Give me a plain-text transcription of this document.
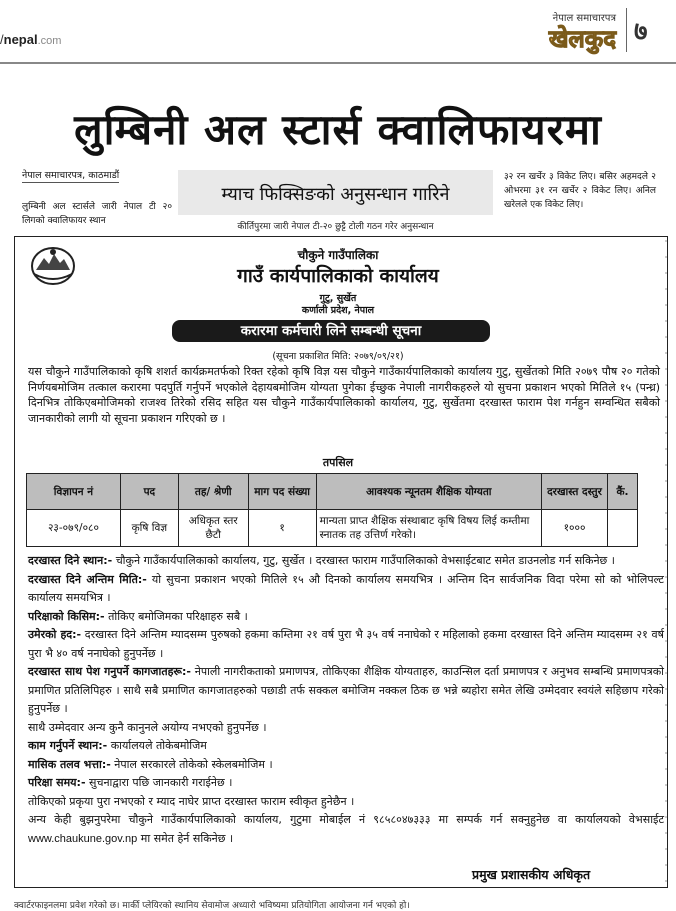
/nepal.com
नेपाल समाचारपत्र
खेलकुद ७
लुम्बिनी अल स्टार्स क्वालिफायरमा
नेपाल समाचारपत्र, काठमाडौं
लुम्बिनी अल स्टार्सले जारी नेपाल टी २० लिगको क्वालिफायर स्थान
म्याच फिक्सिङको अनुसन्धान गारिने
कीर्तिपुरमा जारी नेपाल टी-२० छुट्टै टोली गठन गरेर अनुसन्धान
३२ रन खर्चेर ३ विकेट लिए। बसिर अहमदले २ ओभरमा ३१ रन खर्चेर २ विकेट लिए। अनिल खरेलले एक विकेट लिए।
चौकुने गाउँपालिका
गाउँ कार्यपालिकाको कार्यालय
गुटु, सुर्खेत
कर्णाली प्रदेश, नेपाल
करारमा कर्मचारी लिने सम्बन्धी सूचना
(सूचना प्रकाशित मिति: २०७९/०९/२१)
यस चौकुने गाउँपालिकाको कृषि शशर्त कार्यक्रमतर्फको रिक्त रहेको कृषि विज्ञ यस चौकुने गाउँकार्यपालिकाको कार्यालय गुटु, सुर्खेतको मिति २०७९ पौष २० गतेको निर्णयबमोजिम तत्काल करारमा पदपुर्ति गर्नुपर्ने भएकोले देहायबमोजिम योग्यता पुगेका ईच्छुक नेपाली नागरीकहरुले यो सुचना प्रकाशन भएको मितिले १५ (पन्ध्र) दिनभित्र तोकिएबमोजिमको राजश्व तिरेको रसिद सहित यस चौकुने गाउँकार्यपालिकाको कार्यालय, गुटु, सुर्खेतमा दरखास्त फाराम पेश गर्नहुन सम्वन्धित सबैको जानकारीको लागी यो सूचना प्रकाशन गरिएको छ ।
तपसिल
विज्ञापन नं	पद	तह/ श्रेणी	माग पद संख्या	आवश्यक न्यूनतम शैक्षिक योग्यता	दरखास्त दस्तुर	कैं.
२३-०७९/०८०	कृषि विज्ञ	अधिकृत स्तर छैटौ	१	मान्यता प्राप्त शैक्षिक संस्थाबाट कृषि विषय लिई कम्तीमा स्नातक तह उत्तिर्ण गरेको।	१०००	

दरखास्त दिने स्थान:- चौकुने गाउँकार्यपालिकाको कार्यालय, गुटु, सुर्खेत । दरखास्त फाराम गाउँपालिकाको वेभसाईटबाट समेत डाउनलोड गर्न सकिनेछ ।

दरखास्त दिने अन्तिम मिति:- यो सुचना प्रकाशन भएको मितिले १५ औ दिनको कार्यालय समयभित्र । अन्तिम दिन सार्वजनिक विदा परेमा सो को भोलिपल्ट कार्यालय समयभित्र ।

परिक्षाको किसिम:- तोकिए बमोजिमका परिक्षाहरु सबै ।

उमेरको हद:- दरखास्त दिने अन्तिम म्यादसम्म पुरुषको हकमा कम्तिमा २१ वर्ष पुरा भै ३५ वर्ष ननाघेको र महिलाको हकमा दरखास्त दिने अन्तिम म्यादसम्म २१ वर्ष पुरा भै ४० वर्ष ननाघेको हुनुपर्नेछ ।

दरखास्त साथ पेश गनुपर्ने कागजातहरू:- नेपाली नागरीकताको प्रमाणपत्र, तोकिएका शैक्षिक योग्यताहरु, काउन्सिल दर्ता प्रमाणपत्र र अनुभव सम्बन्धि प्रमाणपत्रको प्रमाणित प्रतिलिपिहरु । साथै सबै प्रमाणित कागजातहरुको पछाडी तर्फ सक्कल बमोजिम नक्कल ठिक छ भन्ने ब्यहोरा समेत लेखि उम्मेदवार स्वयंले सहिछाप गरेको हुनुपर्नेछ ।

साथै उम्मेदवार अन्य कुनै कानुनले अयोग्य नभएको हुनुपर्नेछ ।

काम गर्नुपर्ने स्थान:- कार्यालयले तोकेबमोजिम

मासिक तलव भत्ता:- नेपाल सरकारले तोकेको स्केलबमोजिम ।

परिक्षा समय:- सुचनाद्वारा पछि जानकारी गराईनेछ ।

तोकिएको प्रकृया पुरा नभएको र म्याद नाघेर प्राप्त दरखास्त फाराम स्वीकृत हुनेछैन ।

अन्य केही बुझनुपरेमा चौकुने गाउँकार्यपालिकाको कार्यालय, गुटुमा मोबाईल नं ९८५८०४७३३३ मा सम्पर्क गर्न सक्नुहुनेछ वा कार्यालयको वेभसाईट www.chaukune.gov.np मा समेत हेर्न सकिनेछ ।

प्रमुख प्रशासकीय अधिकृत
क्वार्टरफाइनलमा प्रवेश गरेको छ। मार्की प्लेयिरको स्थानिय सेवामोज अध्यारो भविष्यमा प्रतियोगिता आयोजना गर्न भएको हो।
